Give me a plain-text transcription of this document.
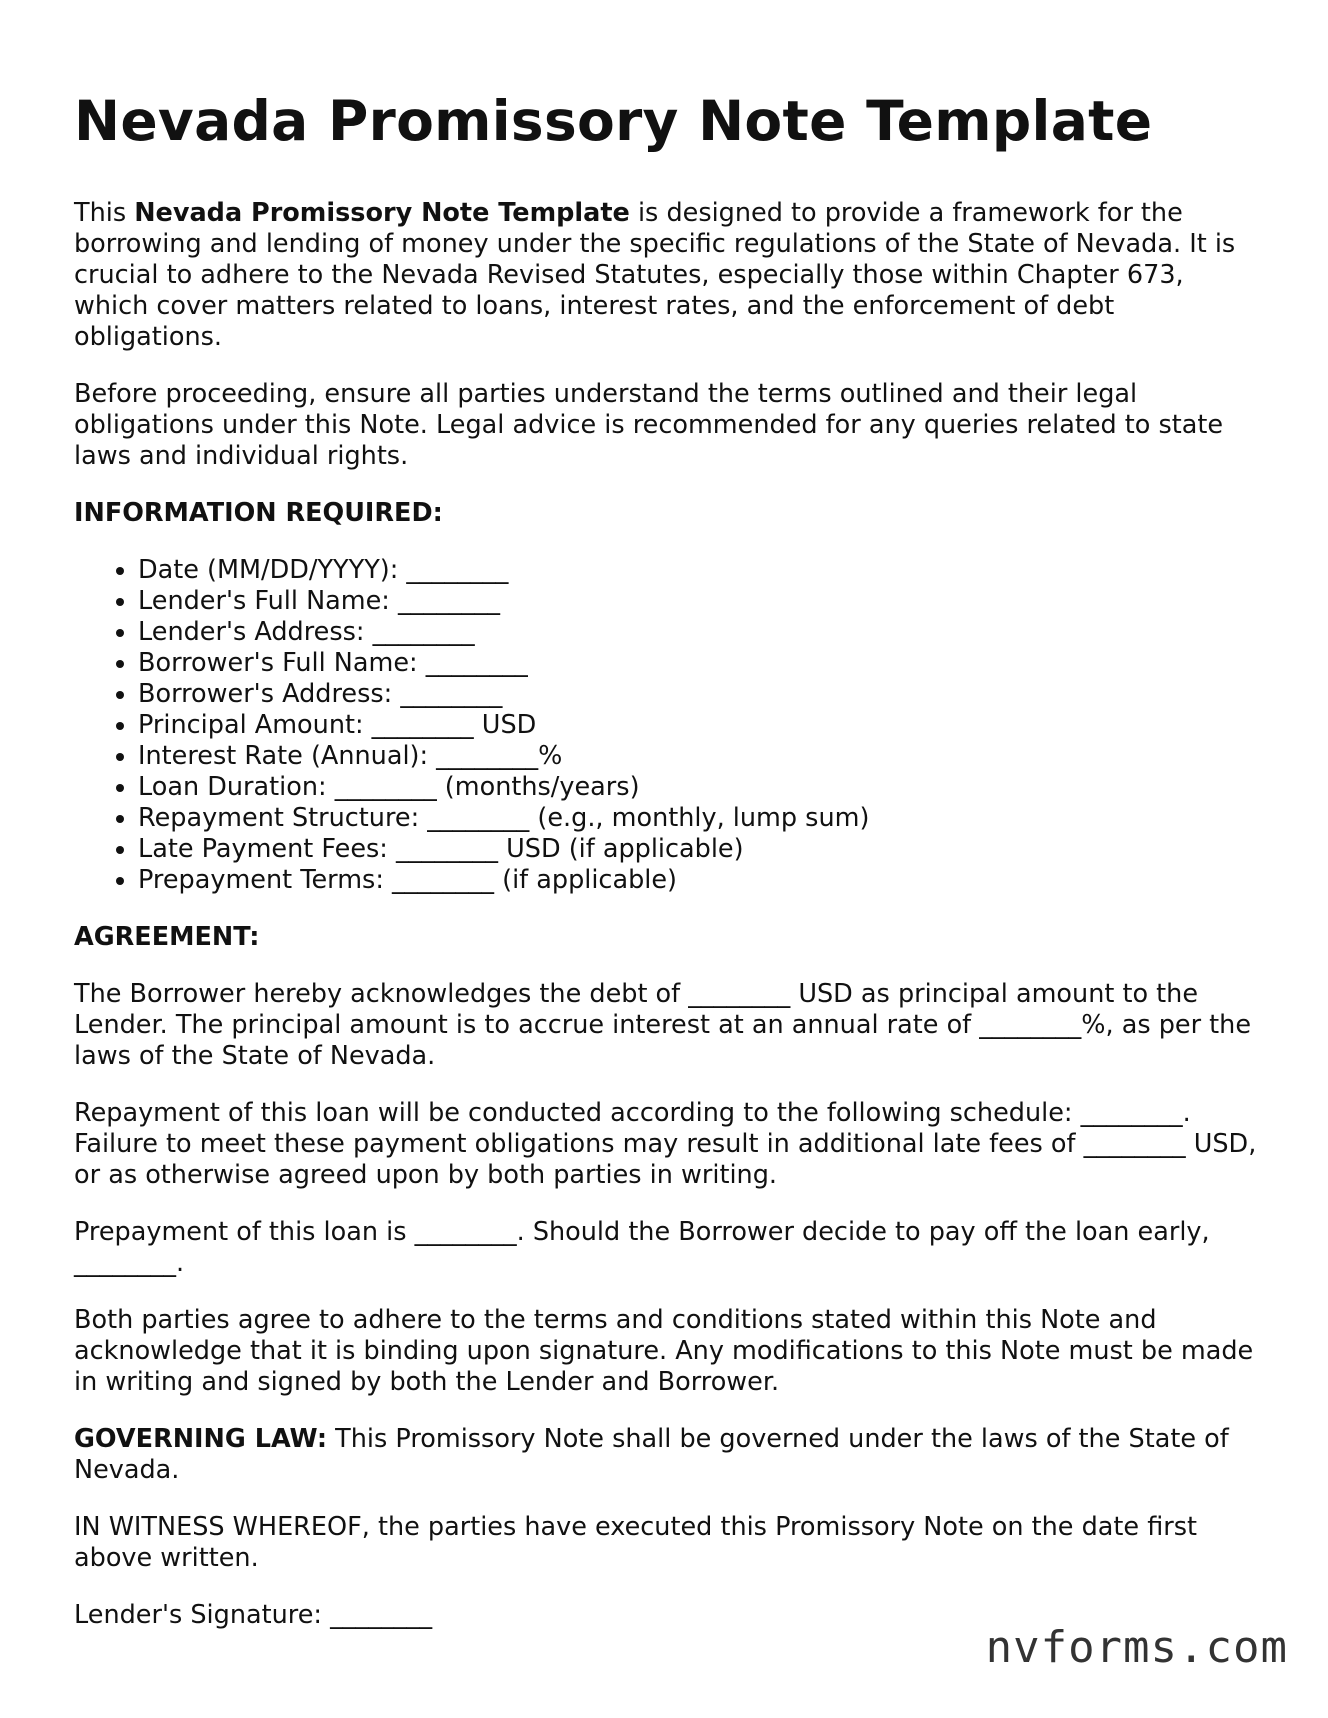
Nevada Promissory Note Template

This Nevada Promissory Note Template is designed to provide a framework for the borrowing and lending of money under the specific regulations of the State of Nevada. It is crucial to adhere to the Nevada Revised Statutes, especially those within Chapter 673, which cover matters related to loans, interest rates, and the enforcement of debt obligations.

Before proceeding, ensure all parties understand the terms outlined and their legal obligations under this Note. Legal advice is recommended for any queries related to state laws and individual rights.

INFORMATION REQUIRED:

• Date (MM/DD/YYYY): ________
• Lender's Full Name: ________
• Lender's Address: ________
• Borrower's Full Name: ________
• Borrower's Address: ________
• Principal Amount: ________ USD
• Interest Rate (Annual): ________%
• Loan Duration: ________ (months/years)
• Repayment Structure: ________ (e.g., monthly, lump sum)
• Late Payment Fees: ________ USD (if applicable)
• Prepayment Terms: ________ (if applicable)

AGREEMENT:

The Borrower hereby acknowledges the debt of ________ USD as principal amount to the Lender. The principal amount is to accrue interest at an annual rate of ________%, as per the laws of the State of Nevada.

Repayment of this loan will be conducted according to the following schedule: ________. Failure to meet these payment obligations may result in additional late fees of ________ USD, or as otherwise agreed upon by both parties in writing.

Prepayment of this loan is ________. Should the Borrower decide to pay off the loan early, ________.

Both parties agree to adhere to the terms and conditions stated within this Note and acknowledge that it is binding upon signature. Any modifications to this Note must be made in writing and signed by both the Lender and Borrower.

GOVERNING LAW: This Promissory Note shall be governed under the laws of the State of Nevada.

IN WITNESS WHEREOF, the parties have executed this Promissory Note on the date first above written.

Lender's Signature: ________

nvforms.com
